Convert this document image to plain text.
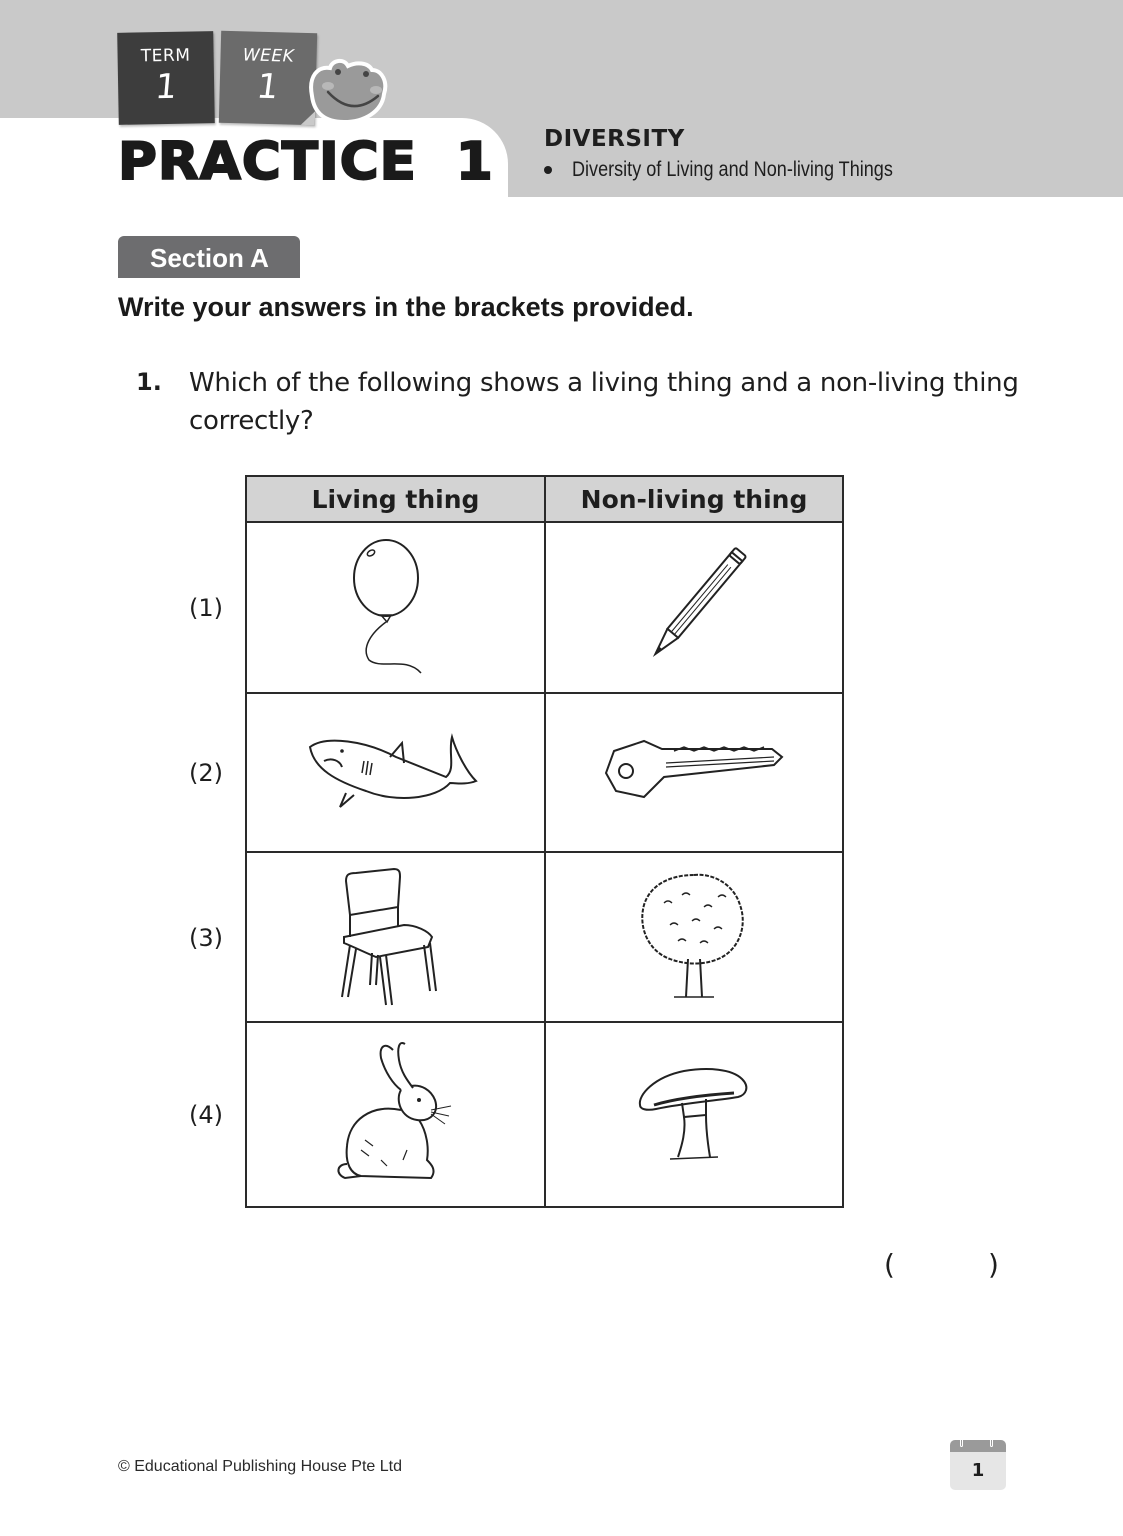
TERM
1
WEEK
1
PRACTICE  1 DIVERSITY
Diversity of Living and Non-living Things
Section A
Write your answers in the brackets provided.
1. Which of the following shows a living thing and a non-living thing correctly?
Living thing	Non-living thing
(1)
(2)
(3)
(4)
(	)
© Educational Publishing House Pte Ltd	1
